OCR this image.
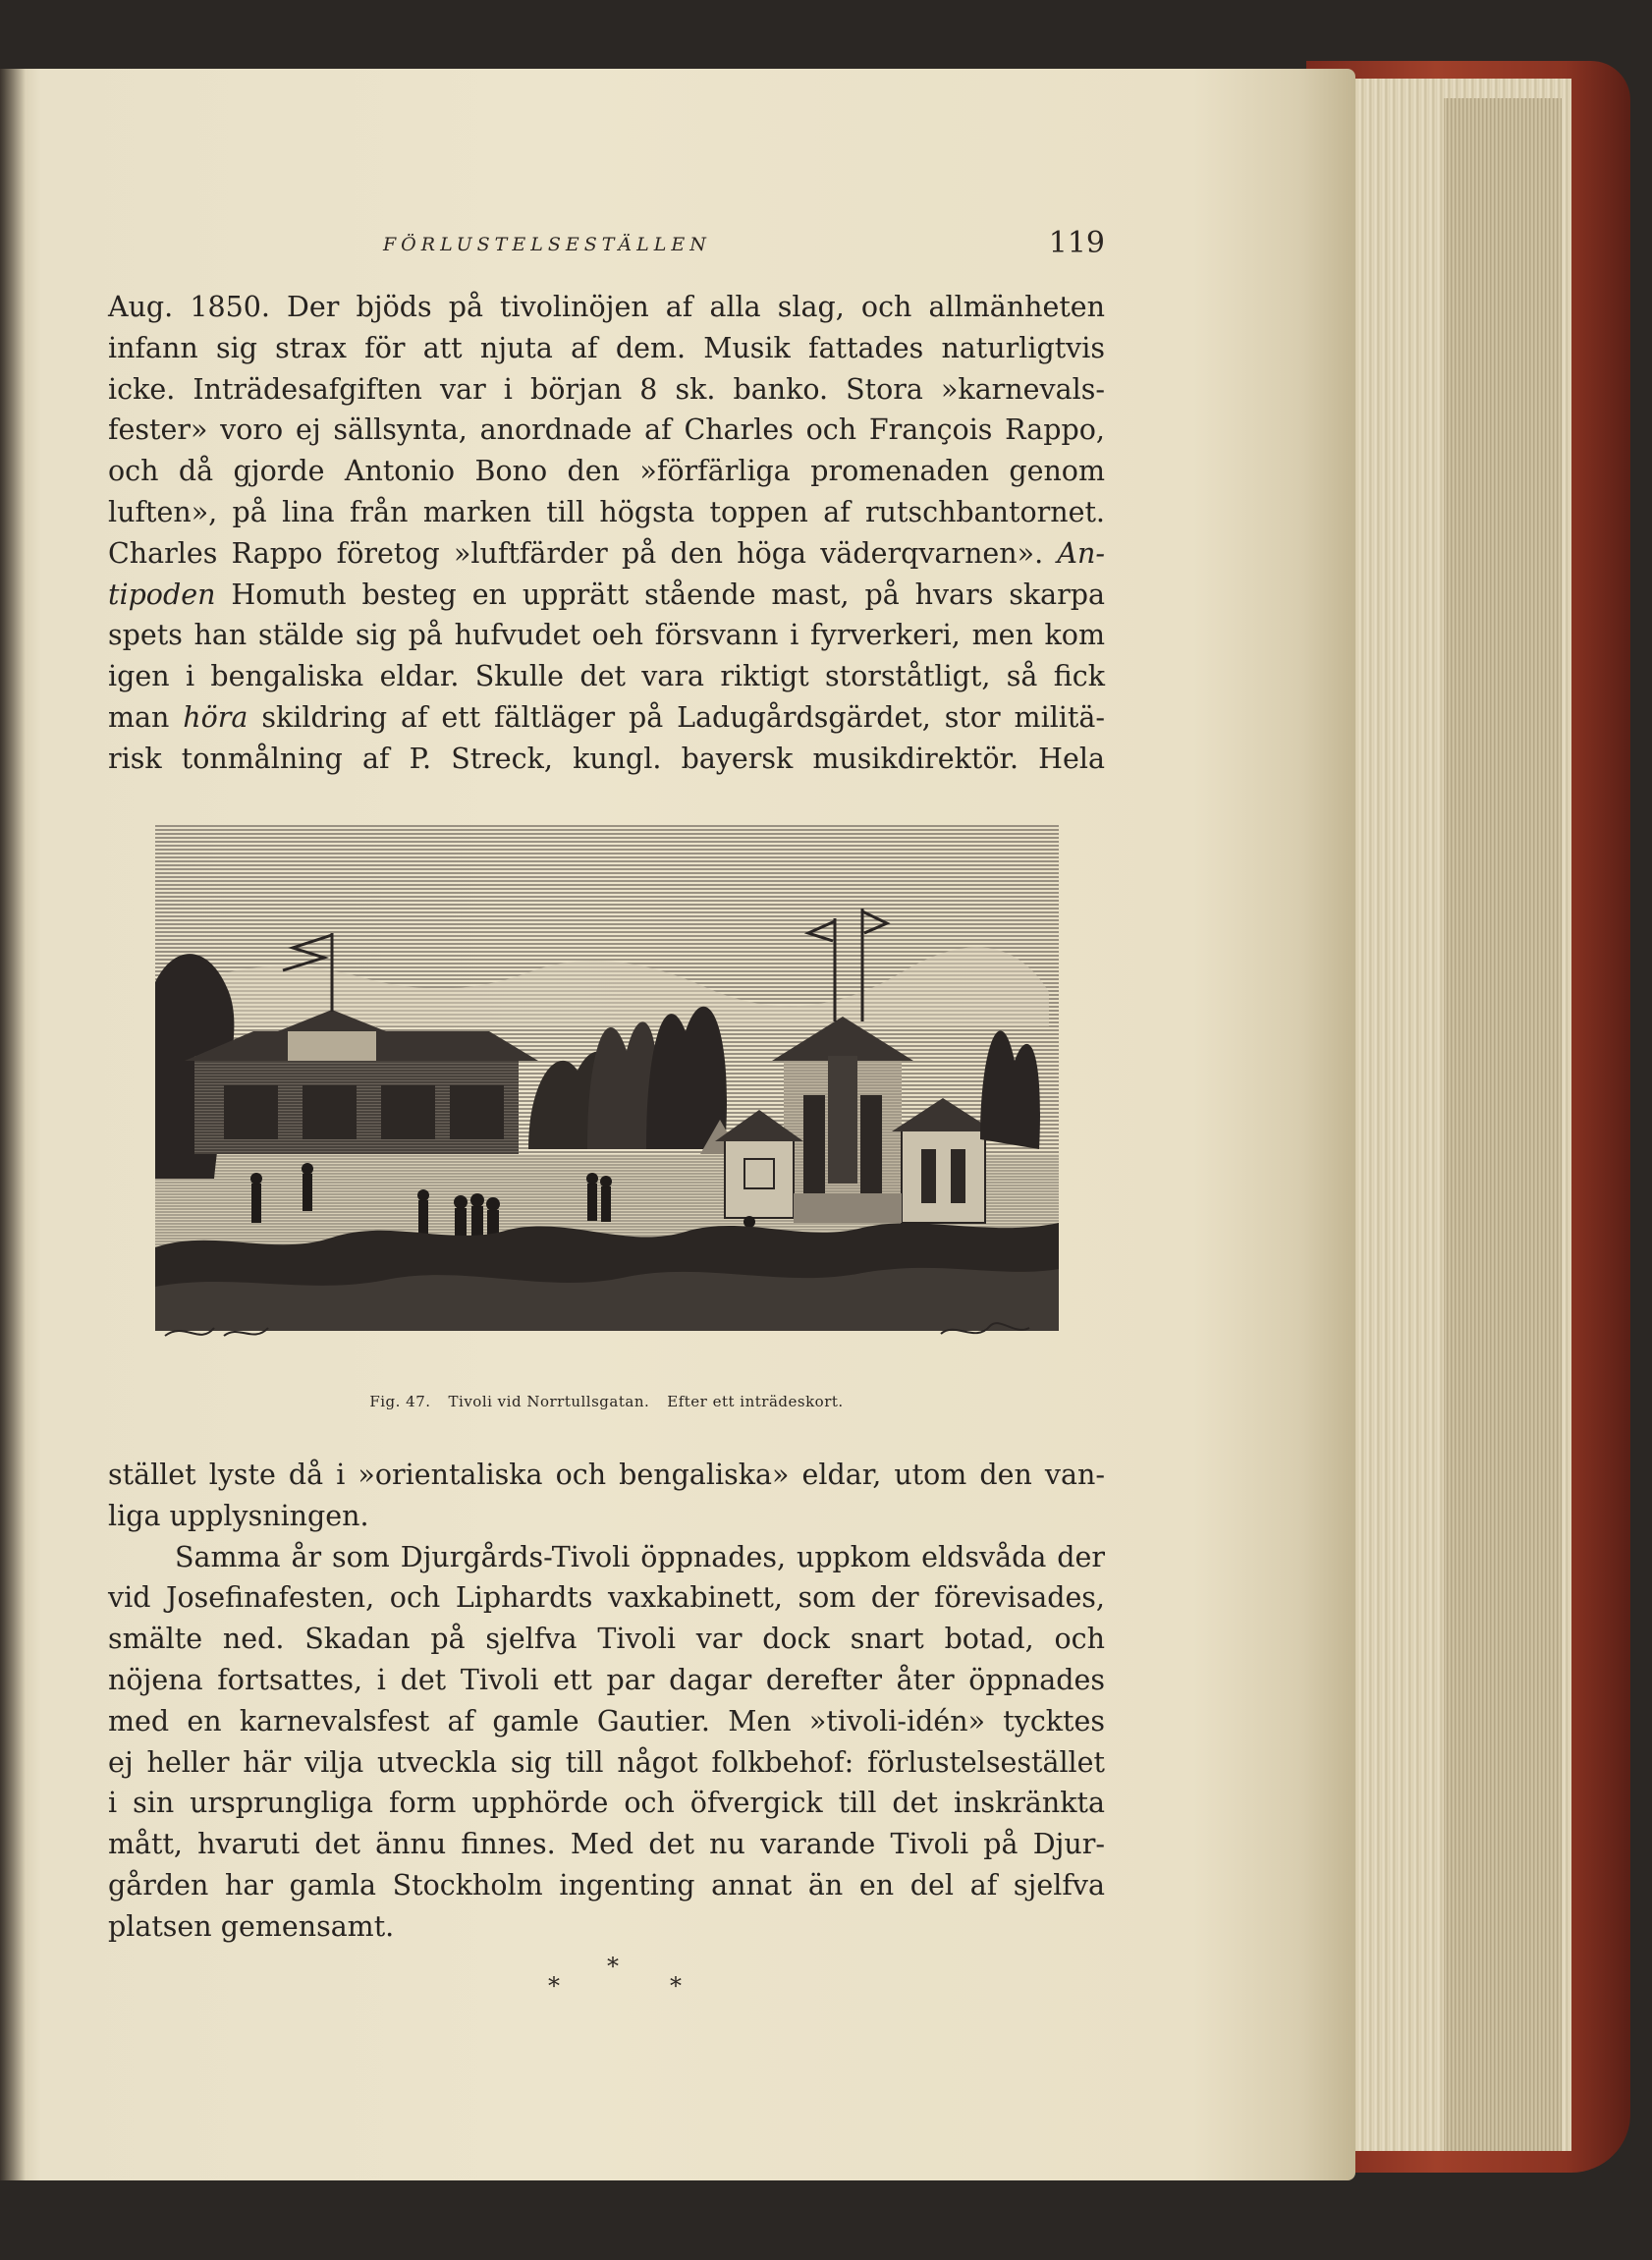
FÖRLUSTELSESTÄLLEN	119
Aug. 1850. Der bjöds på tivolinöjen af alla slag, och allmänheten
infann sig strax för att njuta af dem. Musik fattades naturligtvis
icke. Inträdesafgiften var i början 8 sk. banko. Stora »karnevals-
fester» voro ej sällsynta, anordnade af Charles och François Rappo,
och då gjorde Antonio Bono den »förfärliga promenaden genom
luften», på lina från marken till högsta toppen af rutschbantornet.
Charles Rappo företog »luftfärder på den höga väderqvarnen». An-
tipoden Homuth besteg en upprätt stående mast, på hvars skarpa
spets han stälde sig på hufvudet oeh försvann i fyrverkeri, men kom
igen i bengaliska eldar. Skulle det vara riktigt storståtligt, så fick
man höra skildring af ett fältläger på Ladugårdsgärdet, stor militä-
risk tonmålning af P. Streck, kungl. bayersk musikdirektör. Hela
Fig. 47. Tivoli vid Norrtullsgatan. Efter ett inträdeskort.
stället lyste då i »orientaliska och bengaliska» eldar, utom den van-
liga upplysningen.
Samma år som Djurgårds-Tivoli öppnades, uppkom eldsvåda der
vid Josefinafesten, och Liphardts vaxkabinett, som der förevisades,
smälte ned. Skadan på sjelfva Tivoli var dock snart botad, och
nöjena fortsattes, i det Tivoli ett par dagar derefter åter öppnades
med en karnevalsfest af gamle Gautier. Men »tivoli-idén» tycktes
ej heller här vilja utveckla sig till något folkbehof: förlustelsestället
i sin ursprungliga form upphörde och öfvergick till det inskränkta
mått, hvaruti det ännu finnes. Med det nu varande Tivoli på Djur-
gården har gamla Stockholm ingenting annat än en del af sjelfva
platsen gemensamt.
*
*	*
